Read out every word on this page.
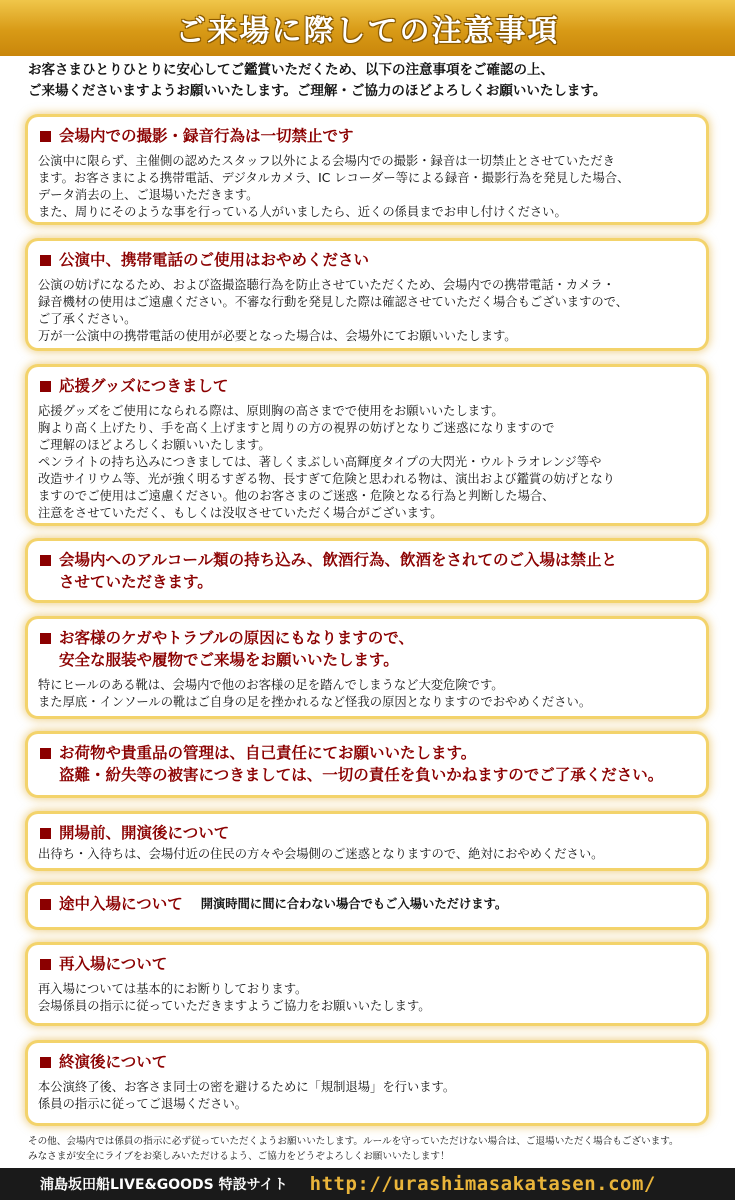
ご来場に際しての注意事項
お客さまひとりひとりに安心してご鑑賞いただくため、以下の注意事項をご確認の上、
ご来場くださいますようお願いいたします。ご理解・ご協力のほどよろしくお願いいたします。
会場内での撮影・録音行為は一切禁止です
公演中に限らず、主催側の認めたスタッフ以外による会場内での撮影・録音は一切禁止とさせていただき
ます。お客さまによる携帯電話、デジタルカメラ、IC レコーダー等による録音・撮影行為を発見した場合、
データ消去の上、ご退場いただきます。
また、周りにそのような事を行っている人がいましたら、近くの係員までお申し付けください。
公演中、携帯電話のご使用はおやめください
公演の妨げになるため、および盗撮盗聴行為を防止させていただくため、会場内での携帯電話・カメラ・
録音機材の使用はご遠慮ください。不審な行動を発見した際は確認させていただく場合もございますので、
ご了承ください。
万が一公演中の携帯電話の使用が必要となった場合は、会場外にてお願いいたします。
応援グッズにつきまして
応援グッズをご使用になられる際は、原則胸の高さまでで使用をお願いいたします。
胸より高く上げたり、手を高く上げますと周りの方の視界の妨げとなりご迷惑になりますので
ご理解のほどよろしくお願いいたします。
ペンライトの持ち込みにつきましては、著しくまぶしい高輝度タイプの大閃光・ウルトラオレンジ等や
改造サイリウム等、光が強く明るすぎる物、長すぎて危険と思われる物は、演出および鑑賞の妨げとなり
ますのでご使用はご遠慮ください。他のお客さまのご迷惑・危険となる行為と判断した場合、
注意をさせていただく、もしくは没収させていただく場合がございます。
会場内へのアルコール類の持ち込み、飲酒行為、飲酒をされてのご入場は禁止と
させていただきます。
お客様のケガやトラブルの原因にもなりますので、
安全な服装や履物でご来場をお願いいたします。
特にヒールのある靴は、会場内で他のお客様の足を踏んでしまうなど大変危険です。
また厚底・インソールの靴はご自身の足を挫かれるなど怪我の原因となりますのでおやめください。
お荷物や貴重品の管理は、自己責任にてお願いいたします。
盗難・紛失等の被害につきましては、一切の責任を負いかねますのでご了承ください。
開場前、開演後について
出待ち・入待ちは、会場付近の住民の方々や会場側のご迷惑となりますので、絶対におやめください。
途中入場について 開演時間に間に合わない場合でもご入場いただけます。
再入場について
再入場については基本的にお断りしております。
会場係員の指示に従っていただきますようご協力をお願いいたします。
終演後について
本公演終了後、お客さま同士の密を避けるために「規制退場」を行います。
係員の指示に従ってご退場ください。
その他、会場内では係員の指示に必ず従っていただくようお願いいたします。ルールを守っていただけない場合は、ご退場いただく場合もございます。
みなさまが安全にライブをお楽しみいただけるよう、ご協力をどうぞよろしくお願いいたします！
浦島坂田船LIVE&GOODS 特設サイト http://urashimasakatasen.com/
